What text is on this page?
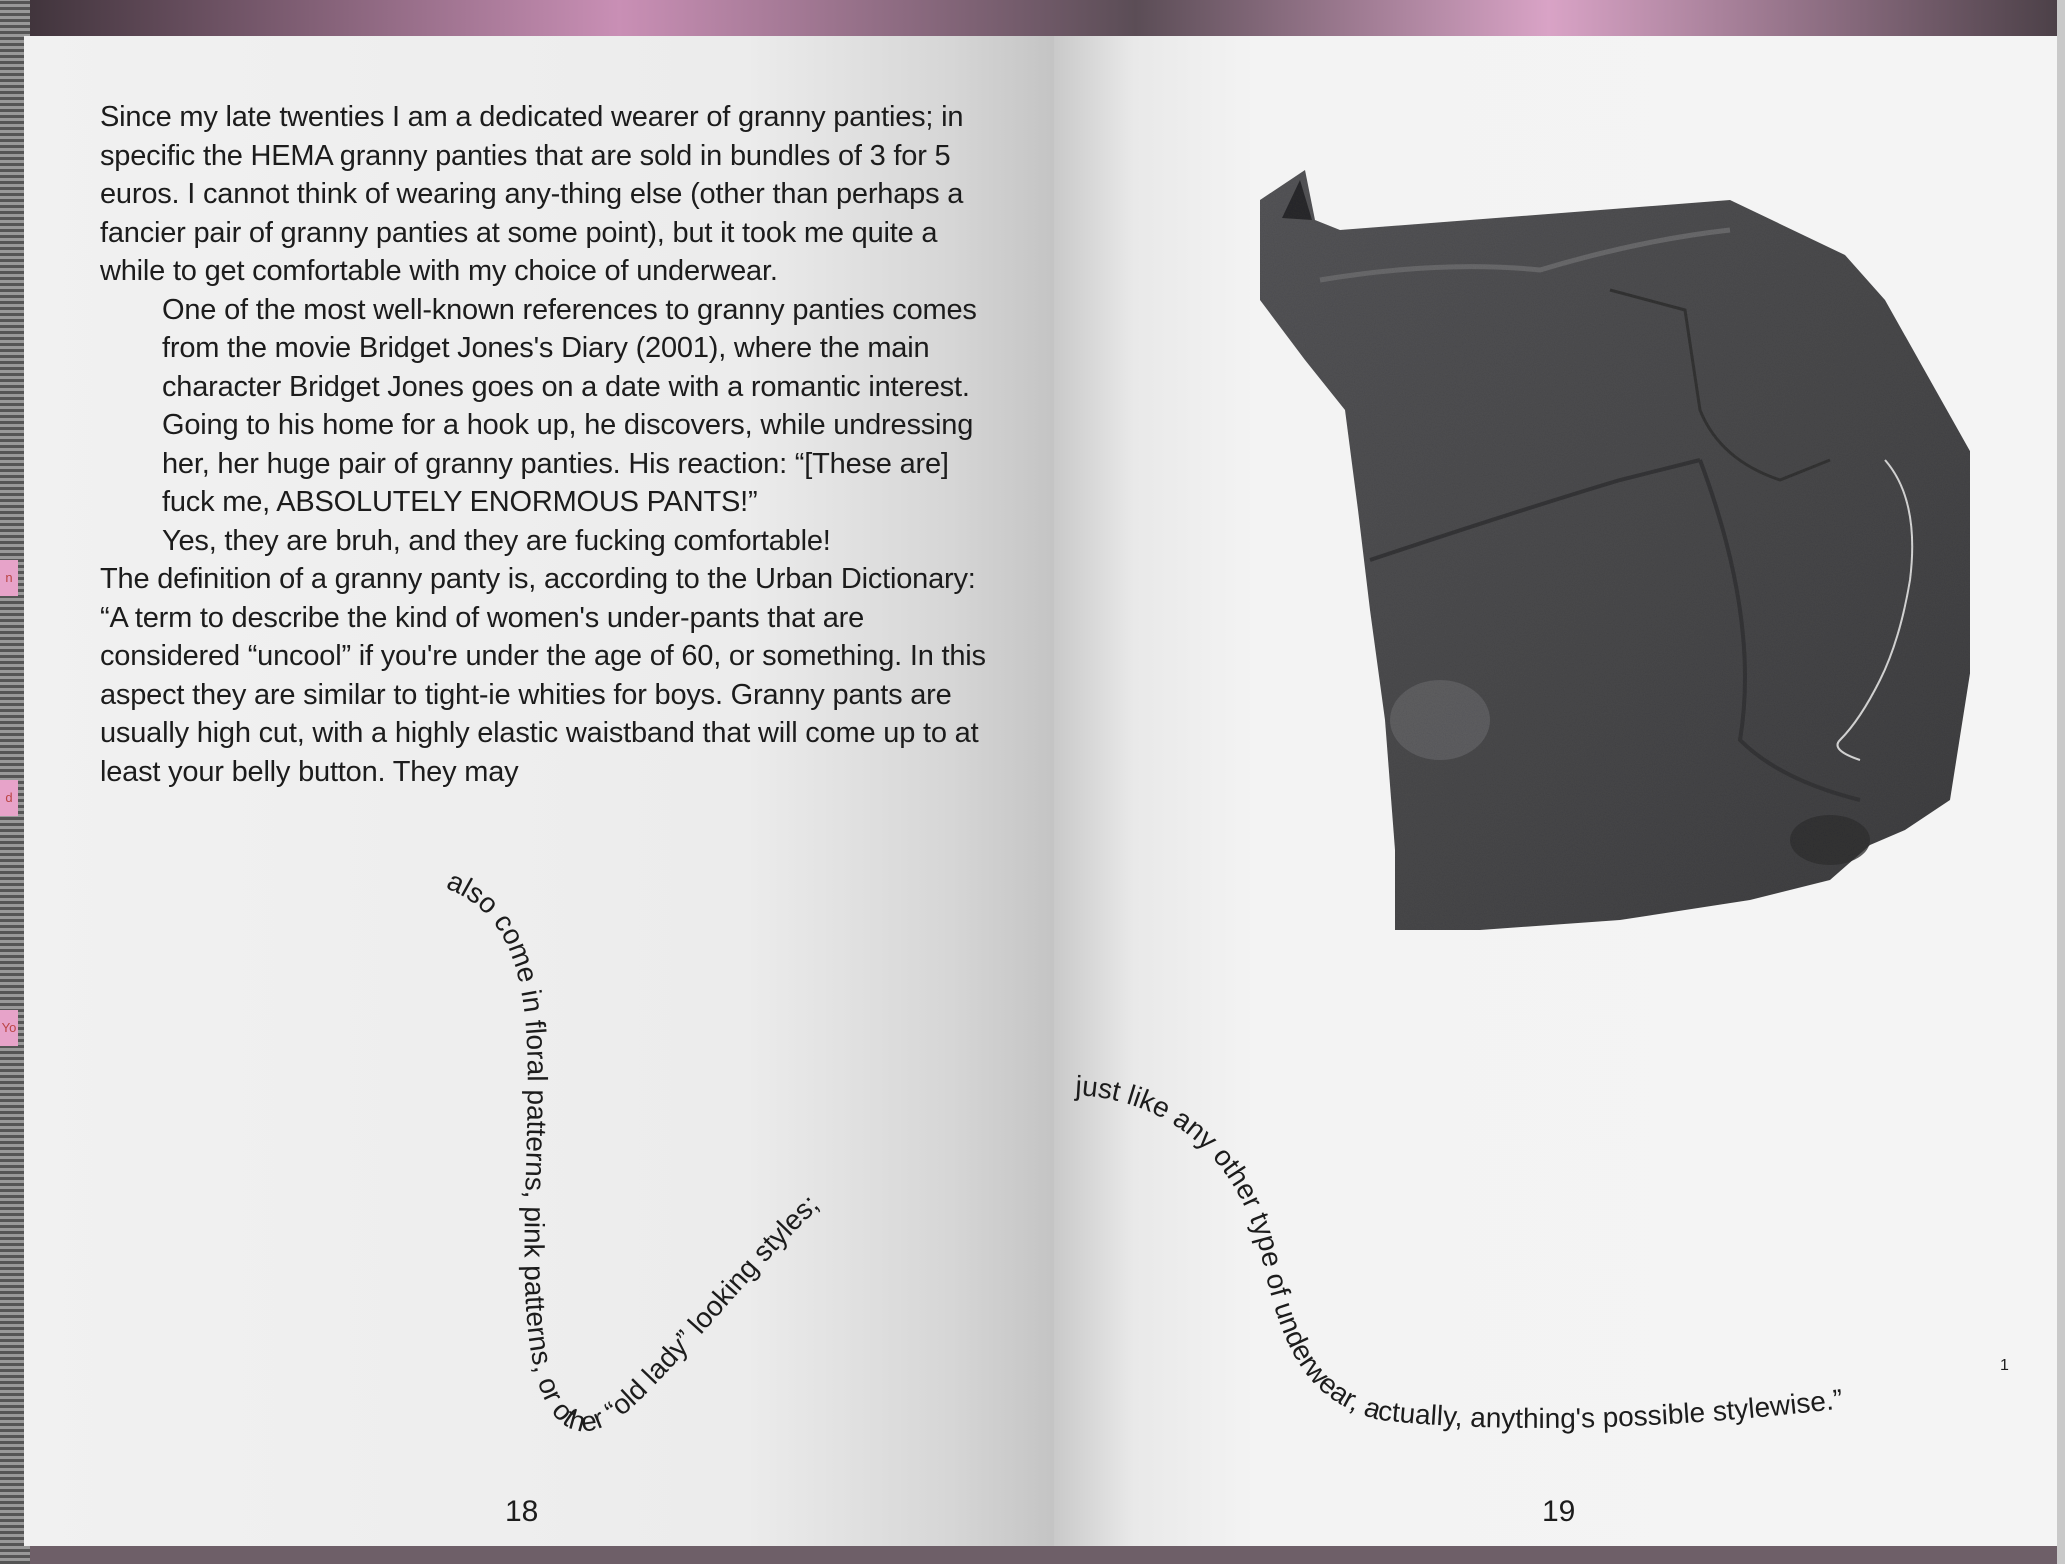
n
d
Yo

Since my late twenties I am a dedicated wearer of granny panties; in specific the HEMA granny panties that are sold in bundles of 3 for 5 euros. I cannot think of wearing any-thing else (other than perhaps a fancier pair of granny panties at some point), but it took me quite a while to get comfortable with my choice of underwear.

One of the most well-known references to granny panties comes from the movie Bridget Jones's Diary (2001), where the main character Bridget Jones goes on a date with a romantic interest. Going to his home for a hook up, he discovers, while undressing her, her huge pair of granny panties. His reaction: “[These are] fuck me, ABSOLUTELY ENORMOUS PANTS!”

Yes, they are bruh, and they are fucking comfortable!

The definition of a granny panty is, according to the Urban Dictionary: “A term to describe the kind of women's under-pants that are considered “uncool” if you're under the age of 60, or something. In this aspect they are similar to tight-ie whities for boys. Granny pants are usually high cut, with a highly elastic waistband that will come up to at least your belly button. They may

also come in floral patterns, pink patterns, or other “old lady” looking styles;
just like any other type of underwear, actually, anything's possible stylewise.”
1
18	19
